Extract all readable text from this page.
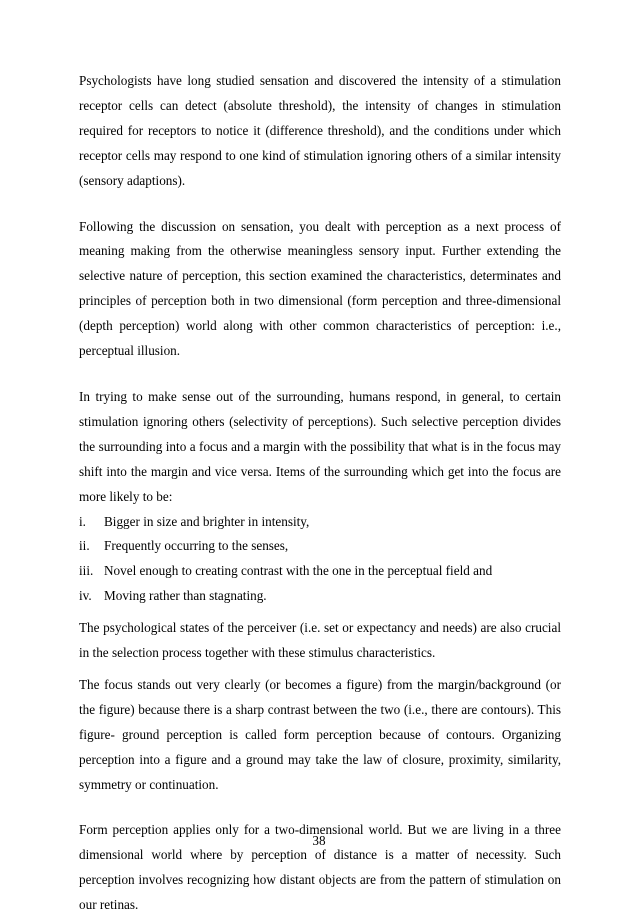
Psychologists have long studied sensation and discovered the intensity of a stimulation receptor cells can detect (absolute threshold), the intensity of changes in stimulation required for receptors to notice it (difference threshold), and the conditions under which receptor cells may respond to one kind of stimulation ignoring others of a similar intensity (sensory adaptions).

Following the discussion on sensation, you dealt with perception as a next process of meaning making from the otherwise meaningless sensory input. Further extending the selective nature of perception, this section examined the characteristics, determinates and principles of perception both in two dimensional (form perception and three-dimensional (depth perception) world along with other common characteristics of perception: i.e., perceptual illusion.

In trying to make sense out of the surrounding, humans respond, in general, to certain stimulation ignoring others (selectivity of perceptions). Such selective perception divides the surrounding into a focus and a margin with the possibility that what is in the focus may shift into the margin and vice versa. Items of the surrounding which get into the focus are more likely to be:

i.	Bigger in size and brighter in intensity,
ii.	Frequently occurring to the senses,
iii. Novel enough to creating contrast with the one in the perceptual field and
iv. Moving rather than stagnating.

The psychological states of the perceiver (i.e. set or expectancy and needs) are also crucial in the selection process together with these stimulus characteristics.

The focus stands out very clearly (or becomes a figure) from the margin/background (or the figure) because there is a sharp contrast between the two (i.e., there are contours). This figure- ground perception is called form perception because of contours. Organizing perception into a figure and a ground may take the law of closure, proximity, similarity, symmetry or continuation.

Form perception applies only for a two-dimensional world. But we are living in a three dimensional world where by perception of distance is a matter of necessity. Such perception involves recognizing how distant objects are from the pattern of stimulation on our retinas.

38
